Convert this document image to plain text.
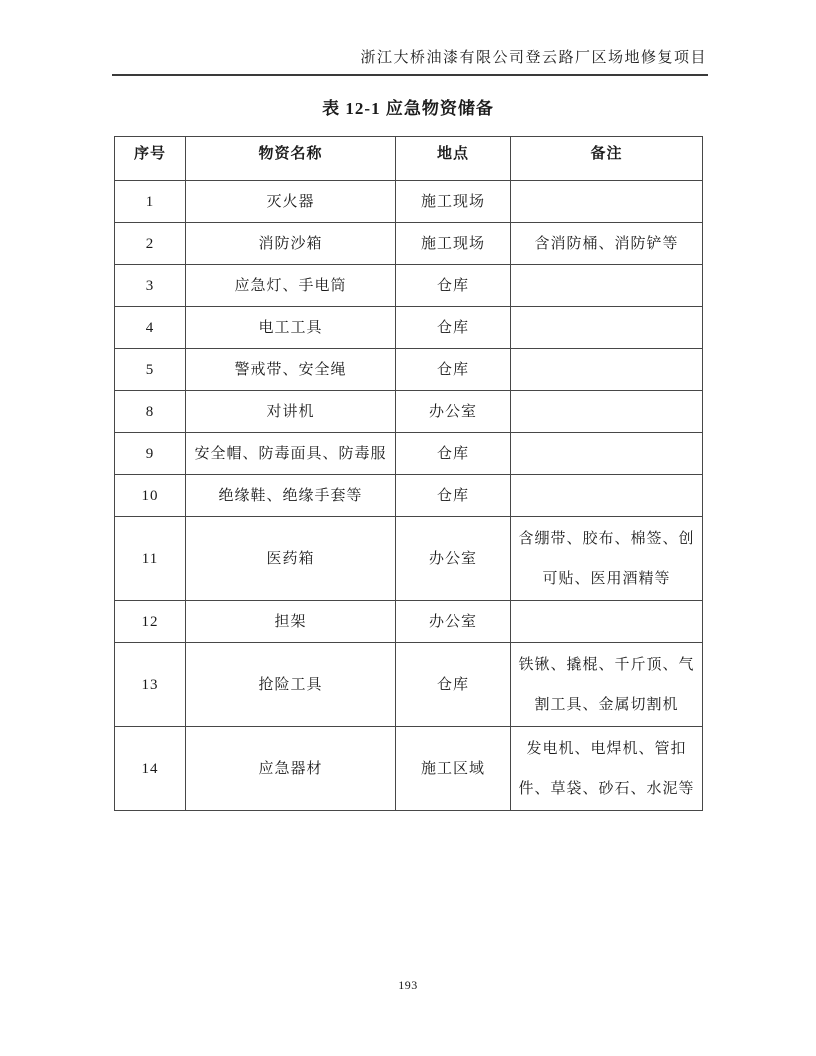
浙江大桥油漆有限公司登云路厂区场地修复项目
表 12-1 应急物资储备
序号	物资名称	地点	备注
1	灭火器	施工现场	
2	消防沙箱	施工现场	含消防桶、消防铲等
3	应急灯、手电筒	仓库	
4	电工工具	仓库	
5	警戒带、安全绳	仓库	
8	对讲机	办公室	
9	安全帽、防毒面具、防毒服	仓库	
10	绝缘鞋、绝缘手套等	仓库	
11	医药箱	办公室	含绷带、胶布、棉签、创可贴、医用酒精等
12	担架	办公室	
13	抢险工具	仓库	铁锹、撬棍、千斤顶、气割工具、金属切割机
14	应急器材	施工区域	发电机、电焊机、管扣件、草袋、砂石、水泥等
193
